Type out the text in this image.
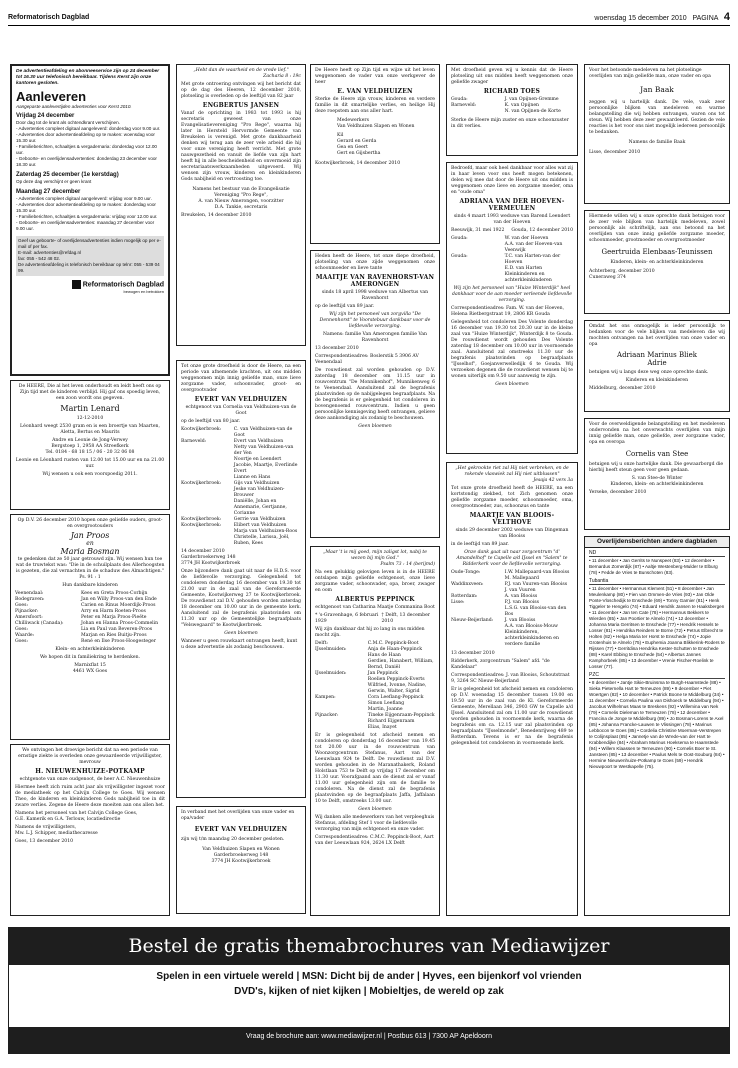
Reformatorisch Dagblad	woensdag 15 december 2010 PAGINA 4

De advertentieafdeling en abonneeservice zijn op 24 december tot 16.30 uur telefonisch bereikbaar. Tijdens Kerst zijn onze kantoren gesloten.

Aanleveren

Aangepaste aanlevertijden advertenties voor Kerst 2010.

Vrijdag 24 december
Door dag tot de krant als ochtendkrant verschijnen.
- Advertenties compleet digitaal aangeleverd: donderdag voor 9.00 uur.
- Advertenties door advertentieafdeling op te maken: woensdag voor 15.30 uur.
- Familieberichten, schaaltjes & vergadernaria: donderdag voor 12.00 uur.
- Geboorte- en overlijdensadvertenties: donderdag 23 december voor 18.30 uur.
Zaterdag 25 december (1e kerstdag)
Op deze dag verschijnt er geen krant
Maandag 27 december
- Advertenties compleet digitaal aangeleverd: vrijdag voor 9.00 uur.
- Advertenties door advertentieafdeling op te maken: donderdag voor 15.30 uur.
- Familieberichten, schaaltjes & vergadernaria: vrijdag voor 12.00 uur.
- Geboorte- en overlijdensadvertenties: maandag 27 december voor 9.00 uur.
Geef uw geboorte- of overlijdensadvertenties indien mogelijk op per e-mail of per fax.
E-mail: advertenties@refdag.nl
fax: 055 - 542 48 02.
De advertentieafdeling is telefonisch bereikbaar op telnr: 055 - 539 04 99.
Reformatorisch Dagblad
bewogen en betrokken

De HEERE, Die al het leven onderhoudt en leidt heeft ons op Zijn tijd met de kinderen verblijd. Hij gaf ons spoedig leven, een zoon wordt ons gegeven.

Martin Lenard

12-12-2010

Léonhard weegt 2530 gram en is een broertje van Maarten, Aletta, Bertus en Maurits

Andre en Leonie de Jong-Verwey

Bergstoep 1, 2958 AA Streefkerk

Tel. 0184 - 68 18 15 / 06 - 20 32 06 08

Leonie en Léonhard rusten van 12.00 tot 15.00 uur en na 21.00 uur.

Wij wensen u ook een voorspoedig 2011.

Op D.V. 26 december 2010 hopen onze geliefde ouders, groot- en overgrootouders

Jan Proos
en
Maria Bosman

te gedenken dat ze 50 jaar getrouwd zijn. Wij wensen hun toe wat de truwtekst was: "Die in de schuilplaats des Allerhoogsten is gezeten, die zal vernachten in de schaduw des Almachtigen." Ps. 91 : 1

Hun dankbare kinderen

Veenendaal:	Kees en Greta Proos-Corbijn
Bodegraven:	Jan en Willy Proos-van den Ende
Goes:	Carien en Rinus Moerdijk-Proos
Pijnacker:	Arry en Harm Roeten-Proos
Amersfoort:	Peter en Marja Proos-Pieëte
Chilliwack (Canada):	Johan en Hanna Proos-Commelin
Goes:	Lia en Paul van Beveren-Proos
Waarde:	Marjan en Ries Buitju-Proos
Goes:	René en Ilse Proos-Hoogesteger

Klein- en achterkleinkinderen

We hopen dit in familiekring te herdenken.

Marnixflat 15

4461 WX Goes

We ontvingen het droevige bericht dat na een periode van ernstige ziekte is overleden onze gewaardeerde vrijwilligster, mevrouw

H. NIEUWENHUIZE-POTKAMP

echtgenote van onze oudgenoot, de heer A.C. Nieuwenhuize

Hiermee heeft zich ruim acht jaar als vrijwilligster ingezet voor de mediatheek op het Calvijn College te Goes. Wij wensen Theo, de kinderen en kleinkinderen Gods nabijheid toe in dit zware verlies. Zegene de Heere deze moeiten aan ons allen het.

Namens het personeel van het Calvijn College Goes,

G.E. Kamerik en G.A. Terlouw, locatiedirectie

Namens de vrijwilligsters,

Mw. L.J. Schipper, mediathecaresse

Goes, 13 december 2010

„Hebt dan de waarheid en de vrede lief."

Zacharia 8 : 19c

Met grote ontroering ontvingen wij het bericht dat op de dag des Heeren, 12 december 2010, plotseling is overleden op de leeftijd van 82 jaar

ENGBERTUS JANSEN

Vanaf de oprichting in 1983 tot 1993 is hij secretaris geweest van onze Evangelisatievereniging "Pro Rege", waarna hij later in Hersteld Hervormde Gemeente van Breukelen is verenigd. Met grote dankbaarheid denken wij terug aan de zeer vele arbeid die hij voor onze vereniging heeft verricht. Met grote nauwgezetheid en vanuit de liefde van zijn hart heeft hij in alle bescheidenheid en onvermoeid zijn secretariaatswerkzaamheden uitgevoerd. Wij wensen zijn vrouw, kinderen en kleinkinderen Gods nabijheid en vertroosting toe.

Namens het bestuur van de Evangelisatie Vereniging "Pro Rege",

A. van Nieuw Amerongen, voorzitter

D.A. Tankie, secretaris

Breukelen, 14 december 2010

Tot onze grote droefheid is door de Heere, na een periode van afnemende krachten, uit ons midden weggenomen mijn innig geliefde man, onze lieve zorgzame vader, schoonvader, groot- en overgrootvader

EVERT VAN VELDHUIZEN

echtgenoot van Cornelia van Veldhuizen-van de Goot

op de leeftijd van 80 jaar.

Kootwijkerbroek:	C. van Veldhuizen-van de Goot
Barneveld:	Evert van Veldhuizen
Netty van Veldhuizen-van der Ven
Noortje en Leendert Jacobie, Maartje, Everlinde
Evert
Lianne en Hans
Kootwijkerbroek:	Gijs van Veldhuizen
Jeske van Veldhuizen-Brouwer
Daniëlle, Johan en Annemarie, Gertjanne, Corianne
Kootwijkerbroek:	Gerrie van Veldhuizen
Kootwijkerbroek:	Elibert van Veldhuizen
Marja van Veldhuizen-Roos
Christelle, Larissa, Joël, Ruben, Kees

14 december 2010

Garderbroekerweg 148

3774 JH Kootwijkerbroek

Onze bijzondere dank gaat uit naar de H.D.S. voor de liefdevolle verzorging. Gelegenheid tot condoleren donderdag 16 december van 19.30 tot 21.00 uur in de zaal van de Gereformeerde Gemeente, Kootwijkerweg 27 te Kootwijkerbroek. De rouwdienst zal D.V. gehouden worden zaterdag 18 december om 10.00 uur in de gemeente kerk. Aansluitend zal de begrafenis plaatsvinden om 11.30 uur op de Gemeentelijke begraafplaats "Velswegaard" te Kootwijkerbroek.

Geen bloemen

Wanneer u geen rouwkaart ontvangen heeft, kunt u deze advertentie als zodanig beschouwen.

In verband met het overlijden van onze vader en opa/vader

EVERT VAN VELDHUIZEN

zijn wij t/m maandag 20 december gesloten.

Van Veldhuizen Slapen en Wonen

Garderbroekerweg 148

3774 JH Kootwijkerbroek

De Heere heeft op Zijn tijd en wijze uit het leven weggenomen de vader van onze werkgever de heer

E. VAN VELDHUIZEN

Sterke de Heere zijn vrouw, kinderen en verdere familie in dit smartelijke verlies, en heilige Hij deze roepstem aan ons aller hart.

Medewerkers
Van Veldhuizen Slapen en Wonen
Kil
Gerard en Gerda
Gea en Geert
Gert en Gijsbertha

Kootwijkerbroek, 14 december 2010

Heden heeft de Heere, tot onze diepe droefheid, plotseling van onze zijde weggenomen onze schoonmoeder en lieve tante

MAAITJE VAN RAVENHORST-VAN AMERONGEN

sinds 18 april 1998 weduwe van Albertus van Ravenhorst

op de leeftijd van 89 jaar.

Wij zijn het personeel van zorgvilla "De Dennenhorst" te Voorstebuur dankbaar voor de liefdevolle verzorging.

Namens: familie Van Amerongen familie Van Ravenhorst

13 december 2010

Correspondentieadres: Boslerstik 5 3906 AV Veenendaal

De rouwdienst zal worden gehouden op D.V. zaterdag 18 december om 11.15 uur in rouwcentrum "De Monnikenhof", Munnikenweg 6 te Veenendaal. Aansluitend zal de begrafenis plaatsvinden op de nabijgelegen begraafplaats. Na de begrafenis is er gelegenheid tot condoleren in bovengenoemd rouwcentrum. Indien u geen persoonlijke kennisgeving heeft ontvangen, gelieve deze aankondiging als zodanig te beschouwen.

Geen bloemen

„Maar 't is mij goed, mijn zaligst lot, nabij te wezen bij mijn God."

Psalm 73 : 14 (berijmd)

Na een gelukkig gelovigen leven is in de HEERE ontslapen mijn geliefde echtgenoot, onze lieve zorgzame vader, schoonvader, opa, broer, zwager en oom

ALBERTUS PEPPINCK

echtgenoot van Catharina Maatje Commanina Boot

* 's-Gravenhage, 6 februari 1929
† Delft, 13 december 2010

Wij zijn dankbaar dat hij zo lang in ons midden mocht zijn.

Delft:	C.M.C. Peppinck-Boot
IJsselmuiden:	Anja de Haan-Peppinck
Hans de Haan
Gerdien, Hanabert, William, Bernd, Daniël
IJsselmuiden:	Jan Peppinck
Roelien Peppinck-Everts
Wilfried, Ivonne, Nadine, Gerwin, Walter, Sigrid
Kampen:	Cora Leeflang-Peppinck
Simon Leeflang
Martin, Joanne
Pijnacker:	Tineke Eijgenraam-Peppinck
Richard Eijgenraam
Elias, Inayet

Er is gelegenheid tot afscheid nemen en condoleren op donderdag 16 december van 19.45 tot 20.00 uur in de rouwcentrum van Woonzorgcentrum Stefanus, Aart van der Leeuwlaan 924 te Delft. De rouwdienst zal D.V. worden gehouden in de Maranathakerk, Roland Holstlaan 753 te Delft op vrijdag 17 december om 11.30 uur. Voorafgaand aan de dienst zal er vanaf 11.00 uur gelegenheid zijn om de familie te condoleren. Na de dienst zal de begrafenis plaatsvinden op de begraafplaats Jaffa, Jaffalaan 10 te Delft, omstreeks 13.00 uur.

Geen bloemen

Wij danken alle medewerkers van het verpleeghuis Stefanus, afdeling Stef 1 voor de liefdevolle verzorging van mijn echtgenoot en onze vader.

Correspondentieadres: C.M.C. Peppinck-Boot, Aart van der Leeuwlaan 924, 2624 LX Delft

Met droefheid geven wij u kennis dat de Heere plotseling uit ons midden heeft weggenomen onze geliefde zwager

RICHARD TOES
Gouda:	J. van Opijnen-Gremme
Barneveld:	K. van Opijnen
N. van Opijnen-de Korte

Sterke de Heere mijn zuster en onze schoonzuster in dit verlies.

Bedroefd, maar ook heel dankbaar voor alles wat zij in haar leven voor ons heeft mogen betekenen, delen wij mee dat door de Heere uit ons midden is weggenomen onze lieve en zorgzame moeder, oma en "oude oma"

ADRIANA VAN DER HOEVEN-VERMEULEN

sinds 4 maart 1993 weduwe van Barend Leendert van der Hoeven

Reeuwijk, 31 mei 1922 Gouda, 12 december 2010
Gouda:	W. van der Hoeven
A.A. van der Hoeven-van Veenwijk
Gouda:	T.C. van Harten-van der Hoeven
E.D. van Harten
Kleinkinderen en achterkleinkinderen

Wij zijn het personeel van "Huize Winterdijk" heel dankbaar voor de aan moeder verleende liefdevolle verzorging.

Correspondentieadres: Fam. W. van der Hoeven, Helena Rietbergstraat 19, 2806 KR Gouda

Gelegenheid tot condoleren Des Volente donderdag 16 december van 19.30 tot 20.30 uur in de kleine zaal van "Huize Winterdijk", Winterdijk 8 te Gouda. De rouwdienst wordt gehouden Des Volente zaterdag 18 december om 10.00 uur in voornoemde zaal. Aansluitend zal omstreeks 11.30 uur de begrafenis plaatsvinden op begraafplaats "IJsselhof", Goejanverwelledijk 6 te Gouda. Wij verzoeken degenen die de rouwdienst wensen bij te wonen uiterlijk om 9.50 uur aanwezig te zijn.

Geen bloemen

„Het gekrookte riet zal Hij niet verbreken, en de rokende vlaswiek zal Hij niet uitblussen"

Jesaja 42 vers 3a

Tot onze grote droefheid heeft de HEERE, na een kortstondig ziekbed, tot Zich genomen onze geliefde zorgzame moeder, schoonmoeder, oma, overgrootmoeder, zus, schoonzus en tante

MAARTJE VAN BLOOIS-VELTHOVE

sinds 29 december 2002 weduwe van Dingeman van Blooiss

in de leeftijd van 89 jaar.

Onze dank gaat uit naar zorgcentrum "d' Amandelhof" te Capelle a/d IJssel en "Salem" te Ridderkerk voor de liefdevolle verzorging.

Oude-Tonge:	I.W. Mallepaard-van Blooiss
M. Mallepaard
Waddinxveen:	P.J. van Vuuren-van Blooiss
J. van Vuuren
Rotterdam:	A. van Blooiss
Lisse:	P.J. van Blooiss
L.S.G. van Blooiss-van den Bos
Nieuw-Beijerland:	J. van Blooiss
A.A. van Blooiss-Mouw
Kleinkinderen, achterkleinkinderen en verdere familie

13 december 2010

Ridderkerk, zorgcentrum "Salem" afd. "de Kandelaar"

Correspondentieadres: J. van Blooiss, Schoutstraat 9, 3264 SC Nieuw-Beijerland

Er is gelegenheid tot afscheid nemen en condoleren op D.V. woensdag 15 december tussen 19.00 en 19.50 uur in de zaal van de Kl. Gereformeerde Gemeente, Merellaan 346, 2903 GW te Capelle a/d IJssel. Aansluitend zal om 11.00 uur de rouwdienst worden gehouden in voornoemde kerk, waarna de begrafenis om ca. 12.15 uur zal plaatsvinden op begraafplaats "IJsselmonde", Benedenrijweg 489 te Rotterdam. Tevens is er na de begrafenis gelegenheid tot condoleren in voornoemde kerk.

Voor het betoonde medeleven na het plotselinge overlijden van mijn geliefde man, onze vader en opa

Jan Baak

zeggen wij u hartelijk dank. De vele, vaak zeer persoonlijke blijken van medeleven en warme belangstelling die wij hebben ontvangen, waren ons tot steun. Wij hebben deze zeer gewaardeerd. Gezien de vele reacties is het voor ons niet mogelijk iedereen persoonlijk te bedanken.

Namens de familie Baak

Lisse, december 2010

Hiermede willen wij u onze oprechte dank betuigen voor de zeer vele blijken van hartelijk medeleven, zowel persoonlijk als schriftelijk, aan ons betoond na het overlijden van onze innig geliefde zorgzame moeder, schoonmoeder, grootmoeder en overgrootmoeder

Geertruida Elenbaas-Teunissen

Kinderen, klein- en achterkleinkinderen

Achterberg, december 2010

Cuneraweg 374

Omdat het ons onmogelijk is ieder persoonlijk te bedanken voor de vele blijken van medeleven die wij mochten ontvangen na het overlijden van onze vader en opa

Adriaan Marinus Bliek
Adrie

betuigen wij u langs deze weg onze oprechte dank.

Kinderen en kleinkinderen

Middelburg, december 2010

Voor de overweldigende belangstelling en het medeleven ondervonden na het onverwachts overlijden van mijn innig geliefde man, onze geliefde, zeer zorgzame vader, opa en overopa

Cornelis van Stee

betuigen wij u onze hartelijke dank. Die gewaarborgd die hierbij heeft steun geen voor geen gedaan.

S. van Stee-de Winter

Kinderen, klein- en achterkleinkinderen

Yerseke, december 2010

Overlijdensberichten andere dagbladen
ND
• 11 december • Jan Gerrits te Nunspeet (83) • 12 december • Bernardus Zomerdijk (87) • Aaltje Westenberg-Mulder te Elburg (78) • Fedde de Vries te Bunschoten (83).
Tubantia
• 11 december • Hermannus Klement (51) • 8 december • Jan Meulenkamp (80) • Fien van Ommen-de Vries (93) • Jan Olde Ponte-Vloschedijk te Enschede (69) • Tonny Garnier (81) • Henk Tiggeler te Hengelo (74) • Eduard Hendrik Jansen te Haaksbergen • 11 december • Jan ten Cate (78) • Hermannus Bekkers te Wierden (85) • Jan Poortier te Almelo (74) • 12 december • Johanna Maria Gerritsen te Enschede (77) • Hendrik Hessels te Losser (81) • Hendrika Reinders te Borne (72) • Petrus Elbrecht te Holten (82) • Helga Maria ter Horst te Enschede (74) • Jopie Grotenhuis te Almelo (75) • Euphemia Joanna Blikkerink-Roders te Rijssen (77) • Gerritdina Hendrika Kester-Schutten te Enschede (88) • Karel Ebbing te Enschede (54) • Albertus Jannes Kamphorbeek (85) • 13 december • Vrenie Fischer-Roelink te Losser (77).
PZC
• 8 december • Jantje Sikie-Bruinsma te Burgh-Haamstede (88) • Sieka Pieternella Hart te Terneuzen (89) • 9 december • Piet Woertgen (82) • 10 december • Patrick Boone te Middelburg (34) • 11 december • Cornelia Paulina van Dishoeck te Middelburg (94) • Jacobus Wilhelmus Maas te Breskens (92) • Willemina van Nek (79) • Cornelis Dieleman te Terneuzen (78) • 12 december • Francina de Jonge te Middelburg (89) • Jo Bosman-Lorens te Axel (85) • Johanna Francke-Lauwen te Vlissingen (78) • Marinus Lebbocon te Goes (85) • Cordelia Christine Moerman-Verstrepen te Colijnsplaat (85) • Jannetje van de Wrede-van der Hart te Krabbendijke (84) • Abraham Marinus Hoeksema te Haamstede (94) • Willem Klaassen te Terneuzen (90) • Cornelis Boer te St. Jansteen (85) • 13 december • Paulus Mels te Oost-Souburg (84) • Hermine Nieuwenhuize-Potkamp te Goes (59) • Hendrik Nieuwpoort te Westkapelle (75).
Bestel de gratis themabrochures van Mediawijzer
Spelen in een virtuele wereld | MSN: Dicht bij de ander | Hyves, een bijenkorf vol vrienden
DVD's, kijken of niet kijken | Mobieltjes, de wereld op zak
Vraag de brochure aan: www.mediawijzer.nl | Postbus 613 | 7300 AP Apeldoorn
